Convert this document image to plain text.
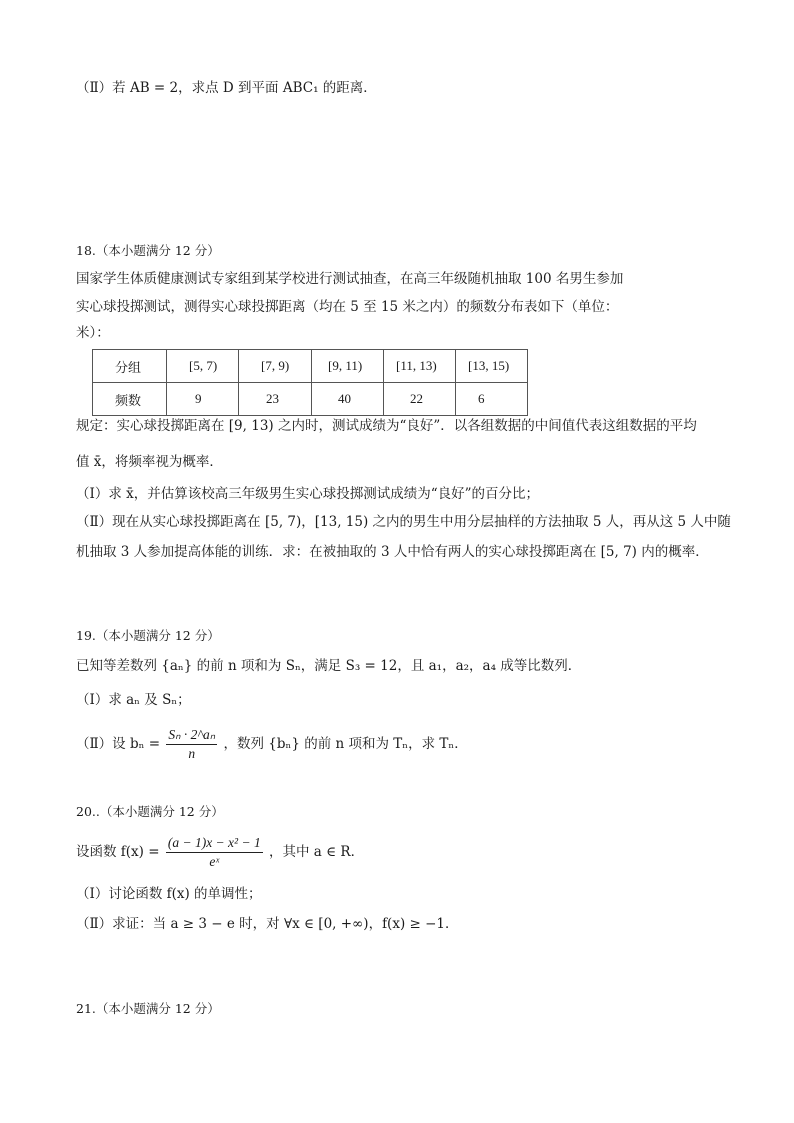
（Ⅱ）若 AB = 2，求点 D 到平面 ABC₁ 的距离．
18.（本小题满分 12 分）
国家学生体质健康测试专家组到某学校进行测试抽查，在高三年级随机抽取 100 名男生参加
实心球投掷测试，测得实心球投掷距离（均在 5 至 15 米之内）的频数分布表如下（单位：
米）：
分组	[5, 7)	[7, 9)	[9, 11)	[11, 13)	[13, 15)
频数	9	23	40	22	6
规定：实心球投掷距离在 [9, 13) 之内时，测试成绩为“良好”．以各组数据的中间值代表这组数据的平均
值 x̄，将频率视为概率．
（Ⅰ）求 x̄，并估算该校高三年级男生实心球投掷测试成绩为“良好”的百分比；
（Ⅱ）现在从实心球投掷距离在 [5, 7)，[13, 15) 之内的男生中用分层抽样的方法抽取 5 人，再从这 5 人中随
机抽取 3 人参加提高体能的训练．求：在被抽取的 3 人中恰有两人的实心球投掷距离在 [5, 7) 内的概率．
19.（本小题满分 12 分）
已知等差数列 {aₙ} 的前 n 项和为 Sₙ，满足 S₃ = 12，且 a₁，a₂，a₄ 成等比数列．
（Ⅰ）求 aₙ 及 Sₙ；
（Ⅱ）设 $b_n = \frac{\text{Sₙ · 2\textasciicircum{}aₙ}}{n}$ ，数列 {bₙ} 的前 n 项和为 Tₙ，求 Tₙ．
20..（本小题满分 12 分）
设函数 $f(x) = \frac{\text{(a − 1)x − x² − 1}}{\text{eˣ}}$ ，其中 a ∈ R．
（Ⅰ）讨论函数 f(x) 的单调性；
（Ⅱ）求证：当 a ≥ 3 − e 时，对 ∀x ∈ [0, +∞)，f(x) ≥ −1．
21.（本小题满分 12 分）
